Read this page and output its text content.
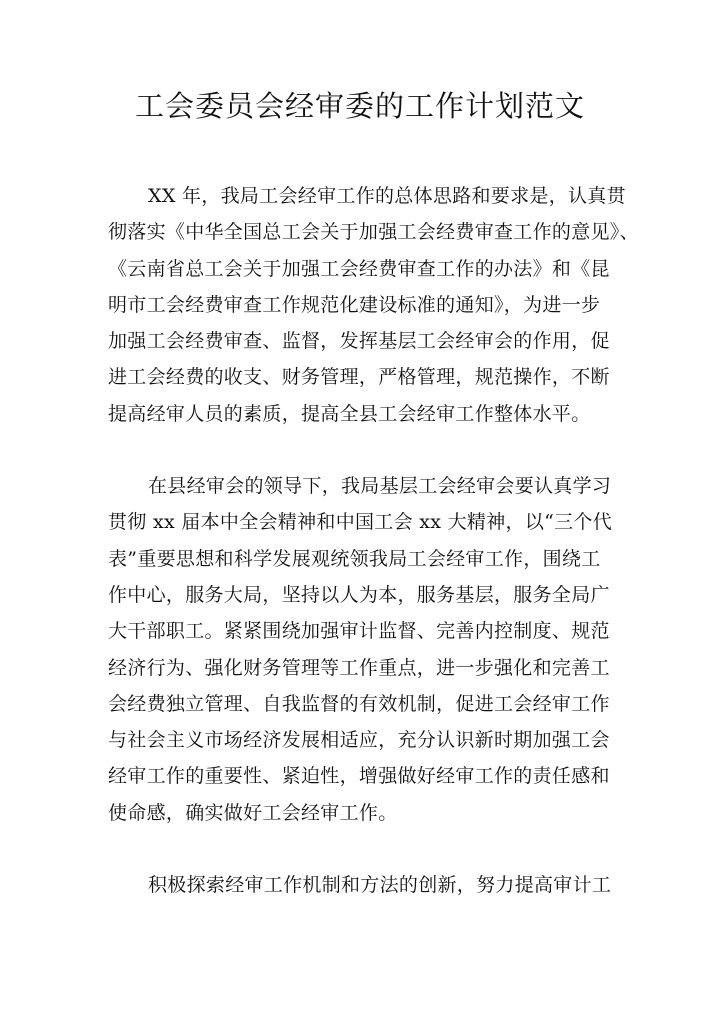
工会委员会经审委的工作计划范文

XX 年，我局工会经审工作的总体思路和要求是，认真贯
彻落实《中华全国总工会关于加强工会经费审查工作的意见》、
《云南省总工会关于加强工会经费审查工作的办法》和《昆
明市工会经费审查工作规范化建设标准的通知》，为进一步
加强工会经费审查、监督，发挥基层工会经审会的作用，促
进工会经费的收支、财务管理，严格管理，规范操作，不断
提高经审人员的素质，提高全县工会经审工作整体水平。

在县经审会的领导下，我局基层工会经审会要认真学习
贯彻 xx 届本中全会精神和中国工会 xx 大精神，以“三个代
表”重要思想和科学发展观统领我局工会经审工作，围绕工
作中心，服务大局，坚持以人为本，服务基层，服务全局广
大干部职工。紧紧围绕加强审计监督、完善内控制度、规范
经济行为、强化财务管理等工作重点，进一步强化和完善工
会经费独立管理、自我监督的有效机制，促进工会经审工作
与社会主义市场经济发展相适应，充分认识新时期加强工会
经审工作的重要性、紧迫性，增强做好经审工作的责任感和
使命感，确实做好工会经审工作。

积极探索经审工作机制和方法的创新，努力提高审计工
